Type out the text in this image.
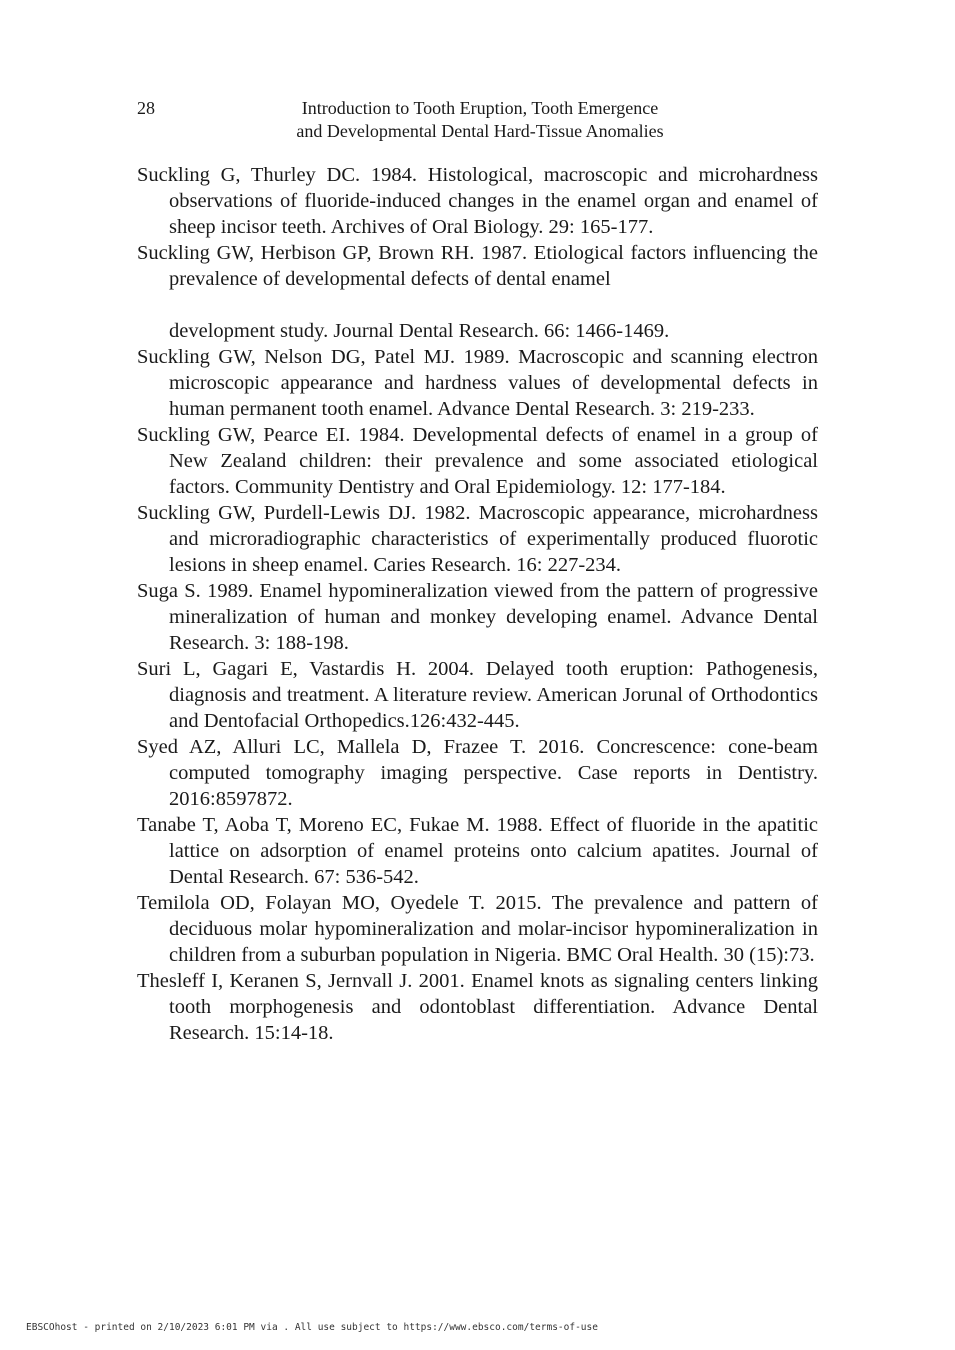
28	Introduction to Tooth Eruption, Tooth Emergence
and Developmental Dental Hard-Tissue Anomalies

Suckling G, Thurley DC. 1984. Histological, macroscopic and microhardness observations of fluoride-induced changes in the enamel organ and enamel of sheep incisor teeth. Archives of Oral Biology. 29: 165-177.

Suckling GW, Herbison GP, Brown RH. 1987. Etiological factors influencing the prevalence of developmental defects of dental enamel

development study. Journal Dental Research. 66: 1466-1469.

Suckling GW, Nelson DG, Patel MJ. 1989. Macroscopic and scanning electron microscopic appearance and hardness values of developmental defects in human permanent tooth enamel. Advance Dental Research. 3: 219-233.

Suckling GW, Pearce EI. 1984. Developmental defects of enamel in a group of New Zealand children: their prevalence and some associated etiological factors. Community Dentistry and Oral Epidemiology. 12: 177-184.

Suckling GW, Purdell-Lewis DJ. 1982. Macroscopic appearance, microhardness and microradiographic characteristics of experimentally produced fluorotic lesions in sheep enamel. Caries Research. 16: 227-234.

Suga S. 1989. Enamel hypomineralization viewed from the pattern of progressive mineralization of human and monkey developing enamel. Advance Dental Research. 3: 188-198.

Suri L, Gagari E, Vastardis H. 2004. Delayed tooth eruption: Pathogenesis, diagnosis and treatment. A literature review. American Jorunal of Orthodontics and Dentofacial Orthopedics.126:432-445.

Syed AZ, Alluri LC, Mallela D, Frazee T. 2016. Concrescence: cone-beam computed tomography imaging perspective. Case reports in Dentistry. 2016:8597872.

Tanabe T, Aoba T, Moreno EC, Fukae M. 1988. Effect of fluoride in the apatitic lattice on adsorption of enamel proteins onto calcium apatites. Journal of Dental Research. 67: 536-542.

Temilola OD, Folayan MO, Oyedele T. 2015. The prevalence and pattern of deciduous molar hypomineralization and molar-incisor hypomineralization in children from a suburban population in Nigeria. BMC Oral Health. 30 (15):73.

Thesleff I, Keranen S, Jernvall J. 2001. Enamel knots as signaling centers linking tooth morphogenesis and odontoblast differentiation. Advance Dental Research. 15:14-18.

EBSCOhost - printed on 2/10/2023 6:01 PM via . All use subject to https://www.ebsco.com/terms-of-use
